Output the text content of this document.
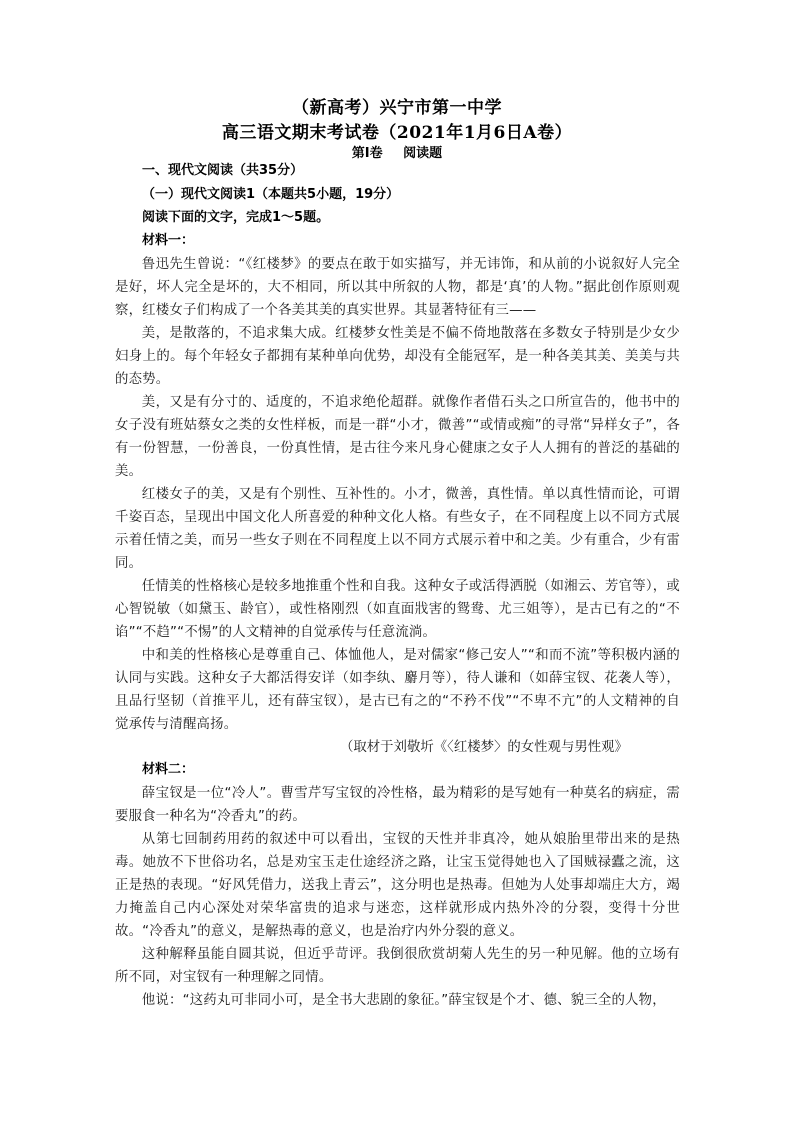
（新高考）兴宁市第一中学
高三语文期末考试卷（2021年1月6日A卷）
第Ⅰ卷 阅读题
一、现代文阅读（共35分）
（一）现代文阅读1（本题共5小题，19分）
阅读下面的文字，完成1～5题。
材料一：

鲁迅先生曾说：“《红楼梦》的要点在敢于如实描写，并无讳饰，和从前的小说叙好人完全是好，坏人完全是坏的，大不相同，所以其中所叙的人物，都是‘真’的人物。”据此创作原则观察，红楼女子们构成了一个各美其美的真实世界。其显著特征有三——

美，是散落的，不追求集大成。红楼梦女性美是不偏不倚地散落在多数女子特别是少女少妇身上的。每个年轻女子都拥有某种单向优势，却没有全能冠军，是一种各美其美、美美与共的态势。

美，又是有分寸的、适度的，不追求绝伦超群。就像作者借石头之口所宣告的，他书中的女子没有班姑蔡女之类的女性样板，而是一群“小才，微善”“或情或痴”的寻常“异样女子”，各有一份智慧，一份善良，一份真性情，是古往今来凡身心健康之女子人人拥有的普泛的基础的美。

红楼女子的美，又是有个别性、互补性的。小才，微善，真性情。单以真性情而论，可谓千姿百态，呈现出中国文化人所喜爱的种种文化人格。有些女子，在不同程度上以不同方式展示着任情之美，而另一些女子则在不同程度上以不同方式展示着中和之美。少有重合，少有雷同。

任情美的性格核心是较多地推重个性和自我。这种女子或活得洒脱（如湘云、芳官等），或心智锐敏（如黛玉、龄官），或性格刚烈（如直面戕害的鸳鸯、尤三姐等），是古已有之的“不谄”“不趋”“不惕”的人文精神的自觉承传与任意流淌。

中和美的性格核心是尊重自己、体恤他人，是对儒家“修己安人”“和而不流”等积极内涵的认同与实践。这种女子大都活得安详（如李纨、麝月等），待人谦和（如薛宝钗、花袭人等），且品行坚韧（首推平儿，还有薛宝钗），是古已有之的“不矜不伐”“不卑不亢”的人文精神的自觉承传与清醒高扬。

（取材于刘敬圻《〈红楼梦〉的女性观与男性观》
材料二：

薛宝钗是一位“冷人”。曹雪芹写宝钗的冷性格，最为精彩的是写她有一种莫名的病症，需要服食一种名为“冷香丸”的药。

从第七回制药用药的叙述中可以看出，宝钗的天性并非真冷，她从娘胎里带出来的是热毒。她放不下世俗功名，总是劝宝玉走仕途经济之路，让宝玉觉得她也入了国贼禄蠹之流，这正是热的表现。“好风凭借力，送我上青云”，这分明也是热毒。但她为人处事却端庄大方，竭力掩盖自己内心深处对荣华富贵的追求与迷恋，这样就形成内热外冷的分裂，变得十分世故。“冷香丸”的意义，是解热毒的意义，也是治疗内外分裂的意义。

这种解释虽能自圆其说，但近乎苛评。我倒很欣赏胡菊人先生的另一种见解。他的立场有所不同，对宝钗有一种理解之同情。

他说：“这药丸可非同小可，是全书大悲剧的象征。”薛宝钗是个才、德、貌三全的人物，
